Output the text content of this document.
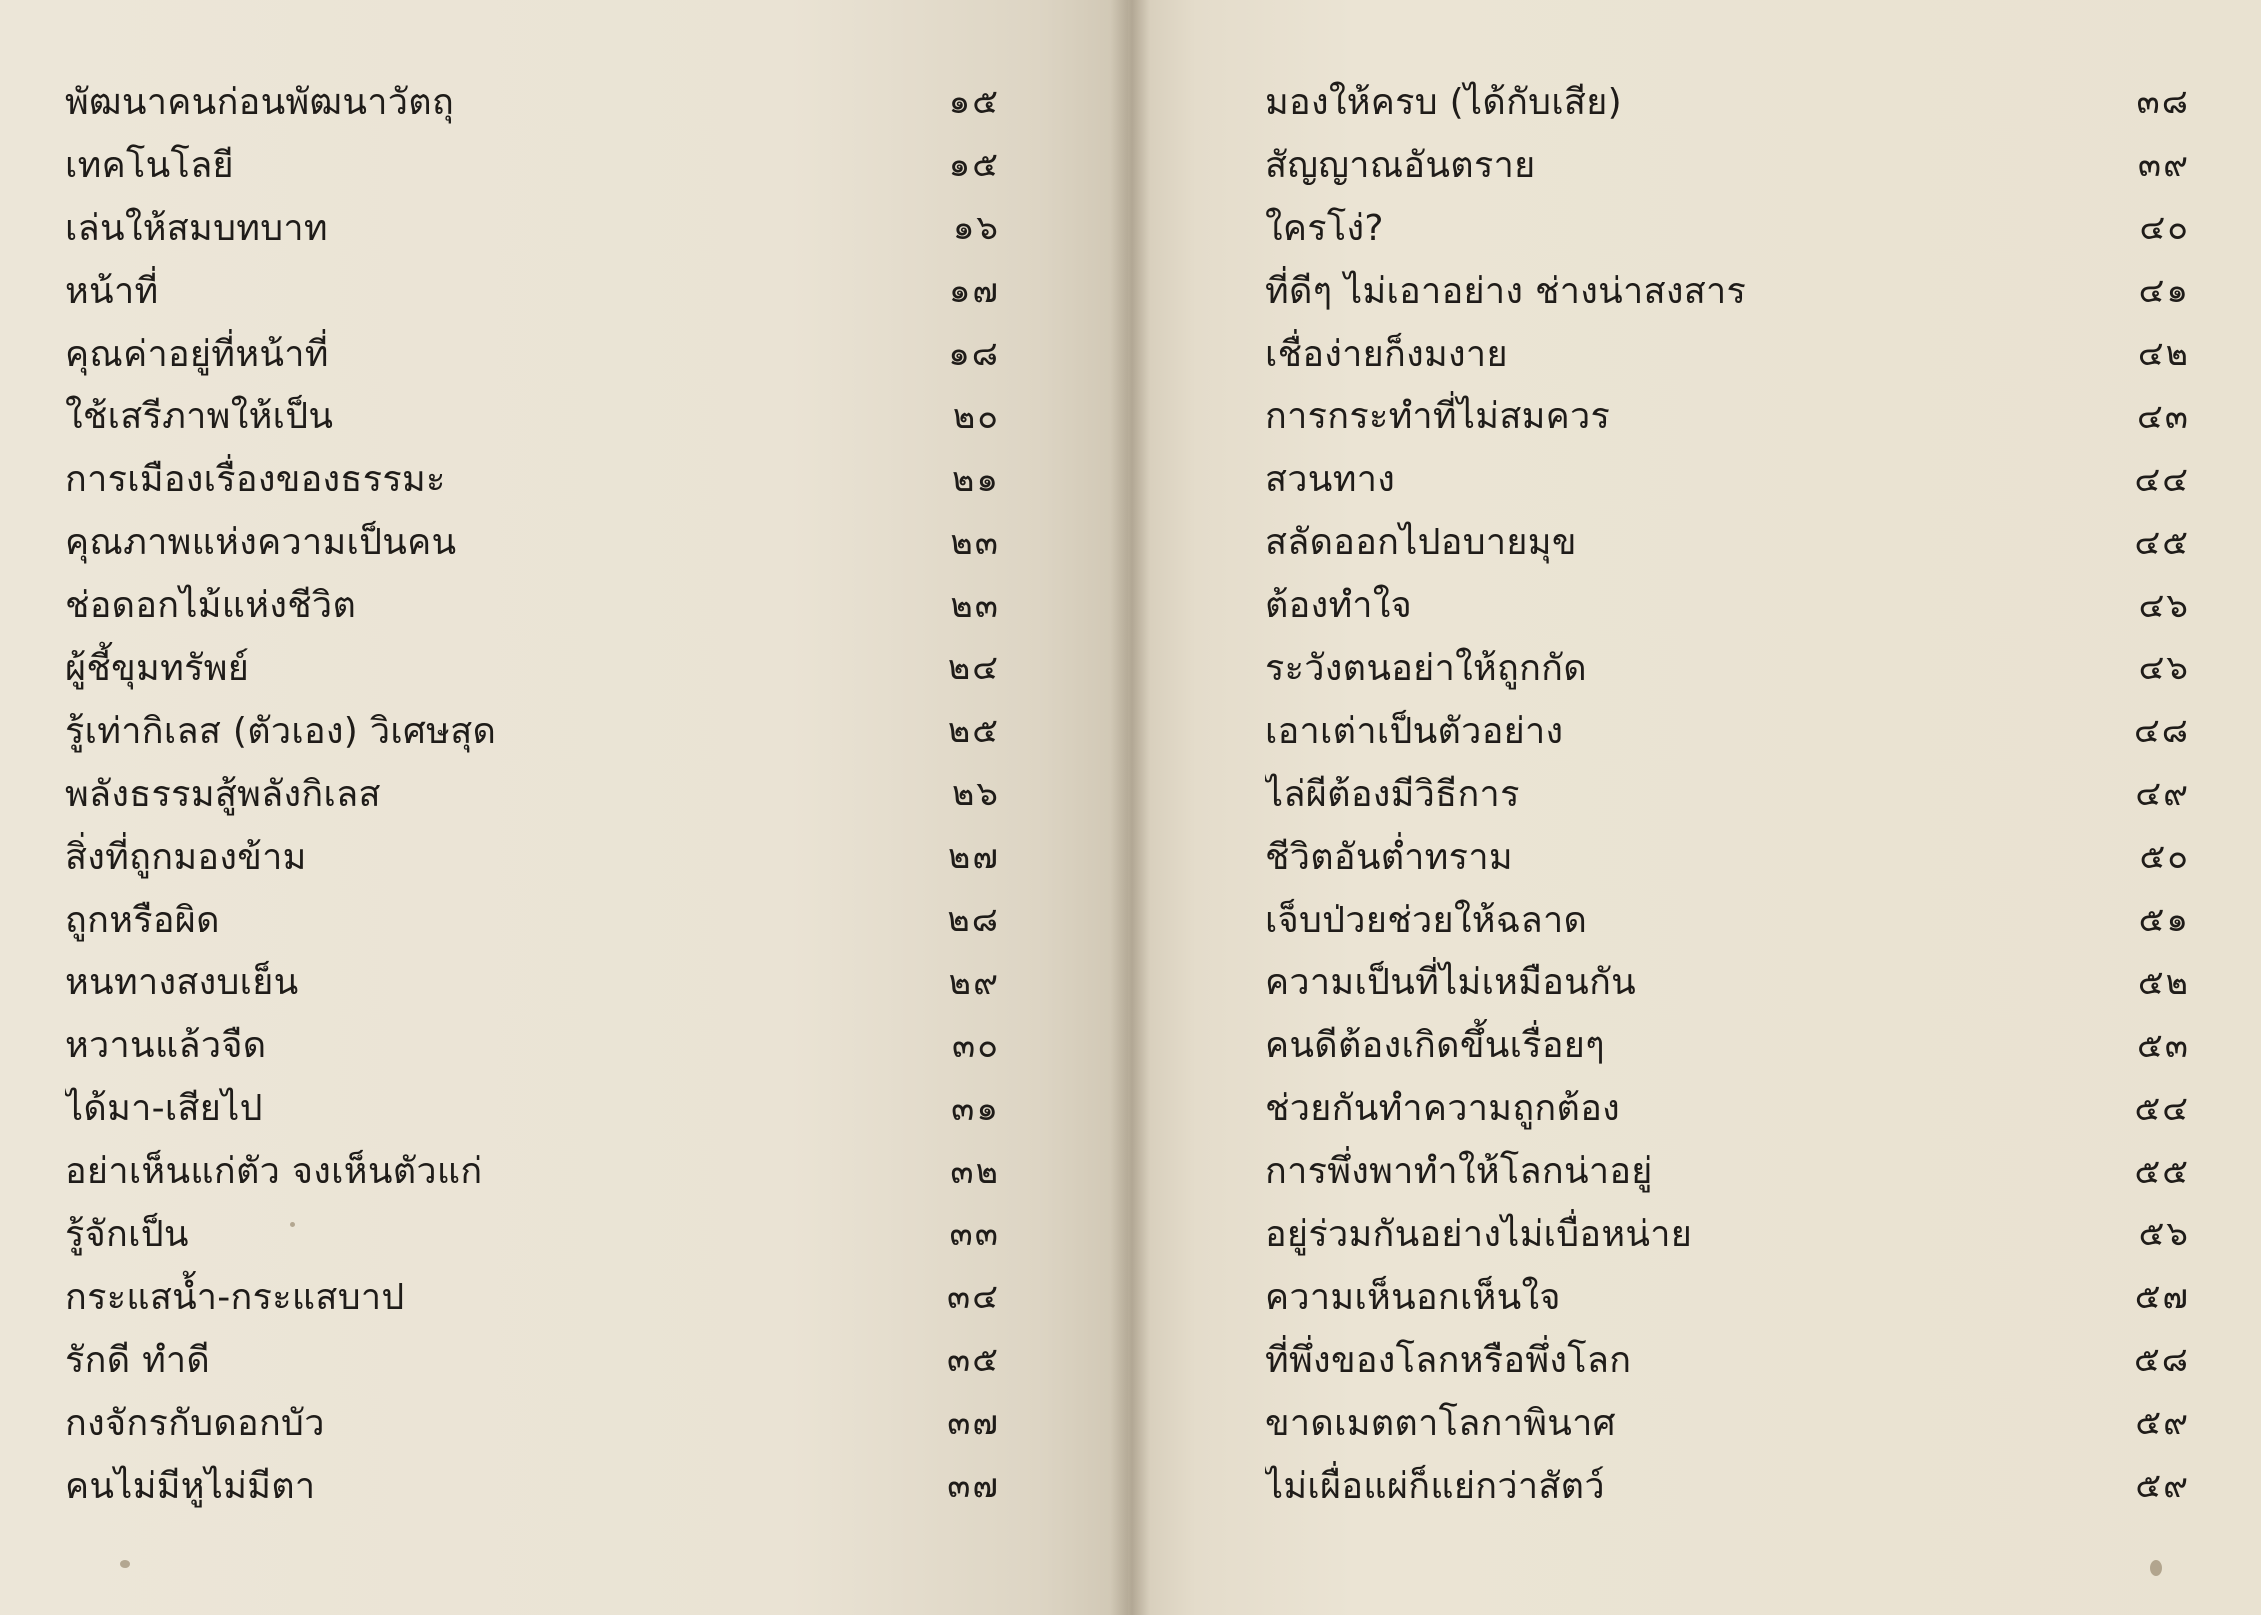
พัฒนาคนก่อนพัฒนาวัตถุ	๑๕
เทคโนโลยี	๑๕
เล่นให้สมบทบาท	๑๖
หน้าที่	๑๗
คุณค่าอยู่ที่หน้าที่	๑๘
ใช้เสรีภาพให้เป็น	๒๐
การเมืองเรื่องของธรรมะ	๒๑
คุณภาพแห่งความเป็นคน	๒๓
ช่อดอกไม้แห่งชีวิต	๒๓
ผู้ชี้ขุมทรัพย์	๒๔
รู้เท่ากิเลส (ตัวเอง) วิเศษสุด	๒๕
พลังธรรมสู้พลังกิเลส	๒๖
สิ่งที่ถูกมองข้าม	๒๗
ถูกหรือผิด	๒๘
หนทางสงบเย็น	๒๙
หวานแล้วจืด	๓๐
ได้มา-เสียไป	๓๑
อย่าเห็นแก่ตัว จงเห็นตัวแก่	๓๒
รู้จักเป็น	๓๓
กระแสน้ำ-กระแสบาป	๓๔
รักดี ทำดี	๓๕
กงจักรกับดอกบัว	๓๗
คนไม่มีหูไม่มีตา	๓๗
มองให้ครบ (ได้กับเสีย)	๓๘
สัญญาณอันตราย	๓๙
ใครโง่?	๔๐
ที่ดีๆ ไม่เอาอย่าง ช่างน่าสงสาร	๔๑
เชื่อง่ายก็งมงาย	๔๒
การกระทำที่ไม่สมควร	๔๓
สวนทาง	๔๔
สลัดออกไปอบายมุข	๔๕
ต้องทำใจ	๔๖
ระวังตนอย่าให้ถูกกัด	๔๖
เอาเต่าเป็นตัวอย่าง	๔๘
ไล่ผีต้องมีวิธีการ	๔๙
ชีวิตอันต่ำทราม	๕๐
เจ็บป่วยช่วยให้ฉลาด	๕๑
ความเป็นที่ไม่เหมือนกัน	๕๒
คนดีต้องเกิดขึ้นเรื่อยๆ	๕๓
ช่วยกันทำความถูกต้อง	๕๔
การพึ่งพาทำให้โลกน่าอยู่	๕๕
อยู่ร่วมกันอย่างไม่เบื่อหน่าย	๕๖
ความเห็นอกเห็นใจ	๕๗
ที่พึ่งของโลกหรือพึ่งโลก	๕๘
ขาดเมตตาโลกาพินาศ	๕๙
ไม่เผื่อแผ่ก็แย่กว่าสัตว์	๕๙
